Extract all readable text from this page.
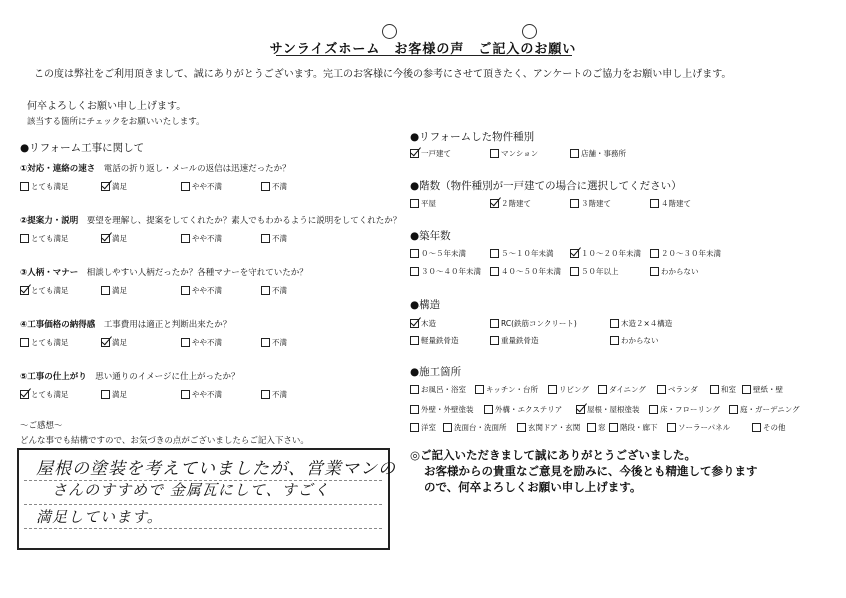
サンライズホーム　お客様の声　ご記入のお願い
この度は弊社をご利用頂きまして、誠にありがとうございます。完工のお客様に今後の参考にさせて頂きたく、アンケートのご協力をお願い申し上げます。
何卒よろしくお願い申し上げます。
該当する箇所にチェックをお願いいたします。
●リフォーム工事に関して
①対応・連絡の速さ　 電話の折り返し・メールの返信は迅速だったか？
とても満足	満足	やや不満	不満
②提案力・説明　 要望を理解し、提案をしてくれたか？素人でもわかるように説明をしてくれたか？
とても満足	満足	やや不満	不満
③人柄・マナー　 相談しやすい人柄だったか？各種マナーを守れていたか？
とても満足	満足	やや不満	不満
④工事価格の納得感　 工事費用は適正と判断出来たか？
とても満足	満足	やや不満	不満
⑤工事の仕上がり　 思い通りのイメージに仕上がったか？
とても満足	満足	やや不満	不満
～ご感想～
どんな事でも結構ですので、お気づきの点がございましたらご記入下さい。
屋根の塗装を考えていましたが、営業マンの
さんのすすめで 金属瓦にして、すごく
満足しています。
●リフォームした物件種別
一戸建て	マンション	店舗・事務所
●階数（物件種別が一戸建ての場合に選択してください）
平屋	２階建て	３階建て	４階建て
●築年数
０～５年未満	５～１０年未満	１０～２０年未満	２０～３０年未満
３０～４０年未満	４０～５０年未満	５０年以上	わからない
●構造
木造	RC(鉄筋コンクリート)	木造２×４構造
軽量鉄骨造	重量鉄骨造	わからない
●施工箇所
お風呂・浴室	キッチン・台所	リビング	ダイニング	ベランダ	和室 壁紙・壁
外壁・外壁塗装	外構・エクステリア	屋根・屋根塗装	床・フローリング	庭・ガーデニング
洋室 洗面台・洗面所	玄関ドア・玄関 窓 階段・廊下	ソーラーパネル	その他
◎ご記入いただきまして誠にありがとうございました。
お客様からの貴重なご意見を励みに、今後とも精進して参ります
ので、何卒よろしくお願い申し上げます。
